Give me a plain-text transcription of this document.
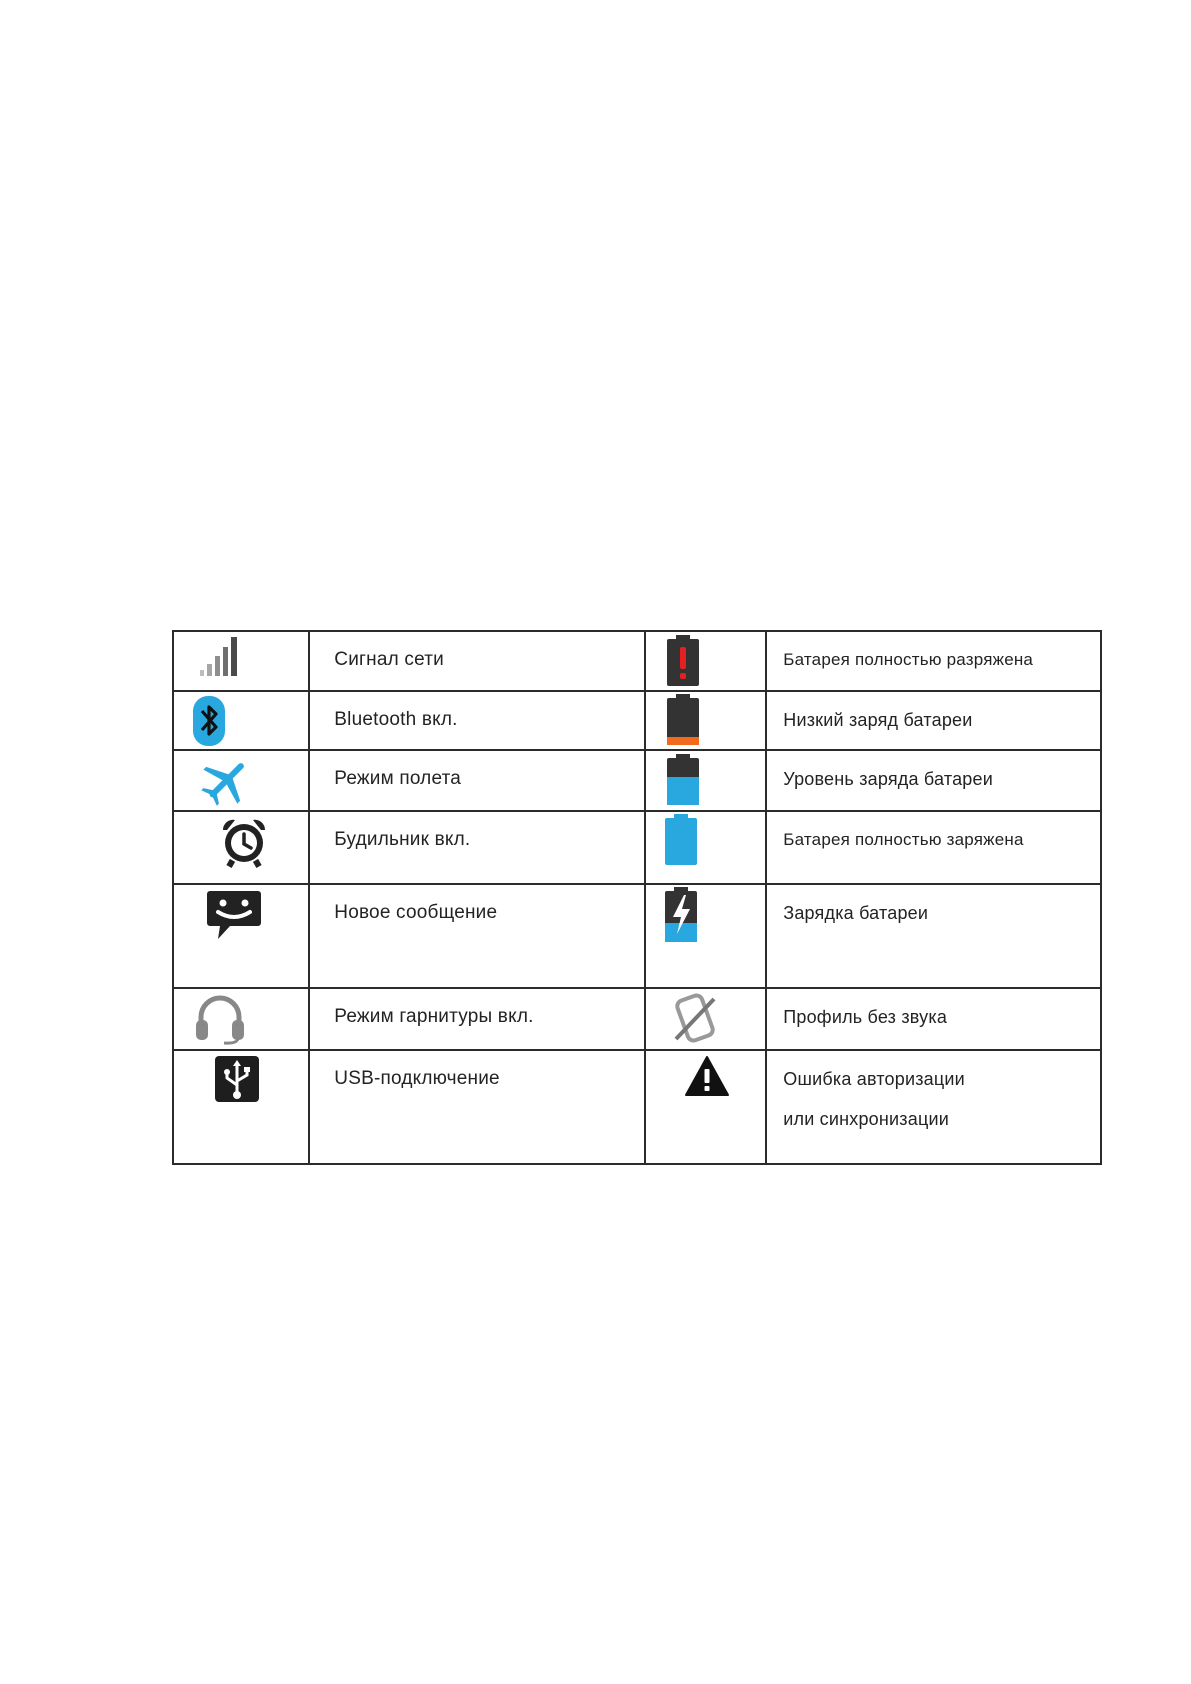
Сигнал сети		Батарея полностью разряжена

Bluetooth вкл.		Низкий заряд батареи

Режим полета		Уровень заряда батареи

Будильник вкл.		Батарея полностью заряжена

Новое сообщение		Зарядка батареи

Режим гарнитуры вкл.		Профиль без звука

USB-подключение		Ошибка авторизации
или синхронизации
